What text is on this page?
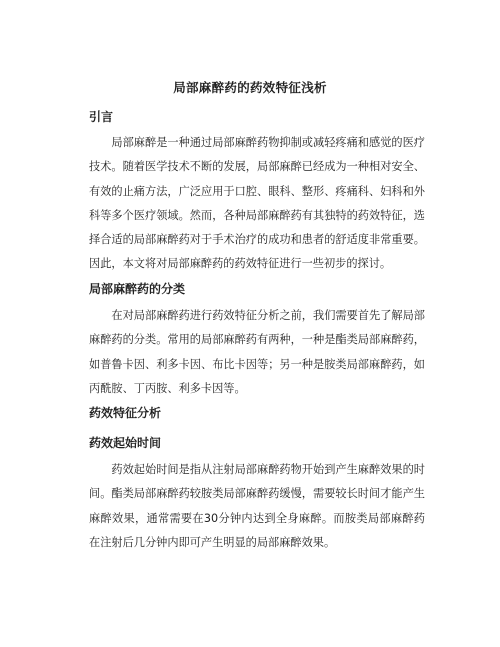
局部麻醉药的药效特征浅析
引言

局部麻醉是一种通过局部麻醉药物抑制或减轻疼痛和感觉的医疗技术。随着医学技术不断的发展，局部麻醉已经成为一种相对安全、有效的止痛方法，广泛应用于口腔、眼科、整形、疼痛科、妇科和外科等多个医疗领域。然而，各种局部麻醉药有其独特的药效特征，选择合适的局部麻醉药对于手术治疗的成功和患者的舒适度非常重要。因此，本文将对局部麻醉药的药效特征进行一些初步的探讨。

局部麻醉药的分类

在对局部麻醉药进行药效特征分析之前，我们需要首先了解局部麻醉药的分类。常用的局部麻醉药有两种，一种是酯类局部麻醉药，如普鲁卡因、利多卡因、布比卡因等；另一种是胺类局部麻醉药，如丙酰胺、丁丙胺、利多卡因等。

药效特征分析
药效起始时间

药效起始时间是指从注射局部麻醉药物开始到产生麻醉效果的时间。酯类局部麻醉药较胺类局部麻醉药缓慢，需要较长时间才能产生麻醉效果，通常需要在30分钟内达到全身麻醉。而胺类局部麻醉药在注射后几分钟内即可产生明显的局部麻醉效果。
